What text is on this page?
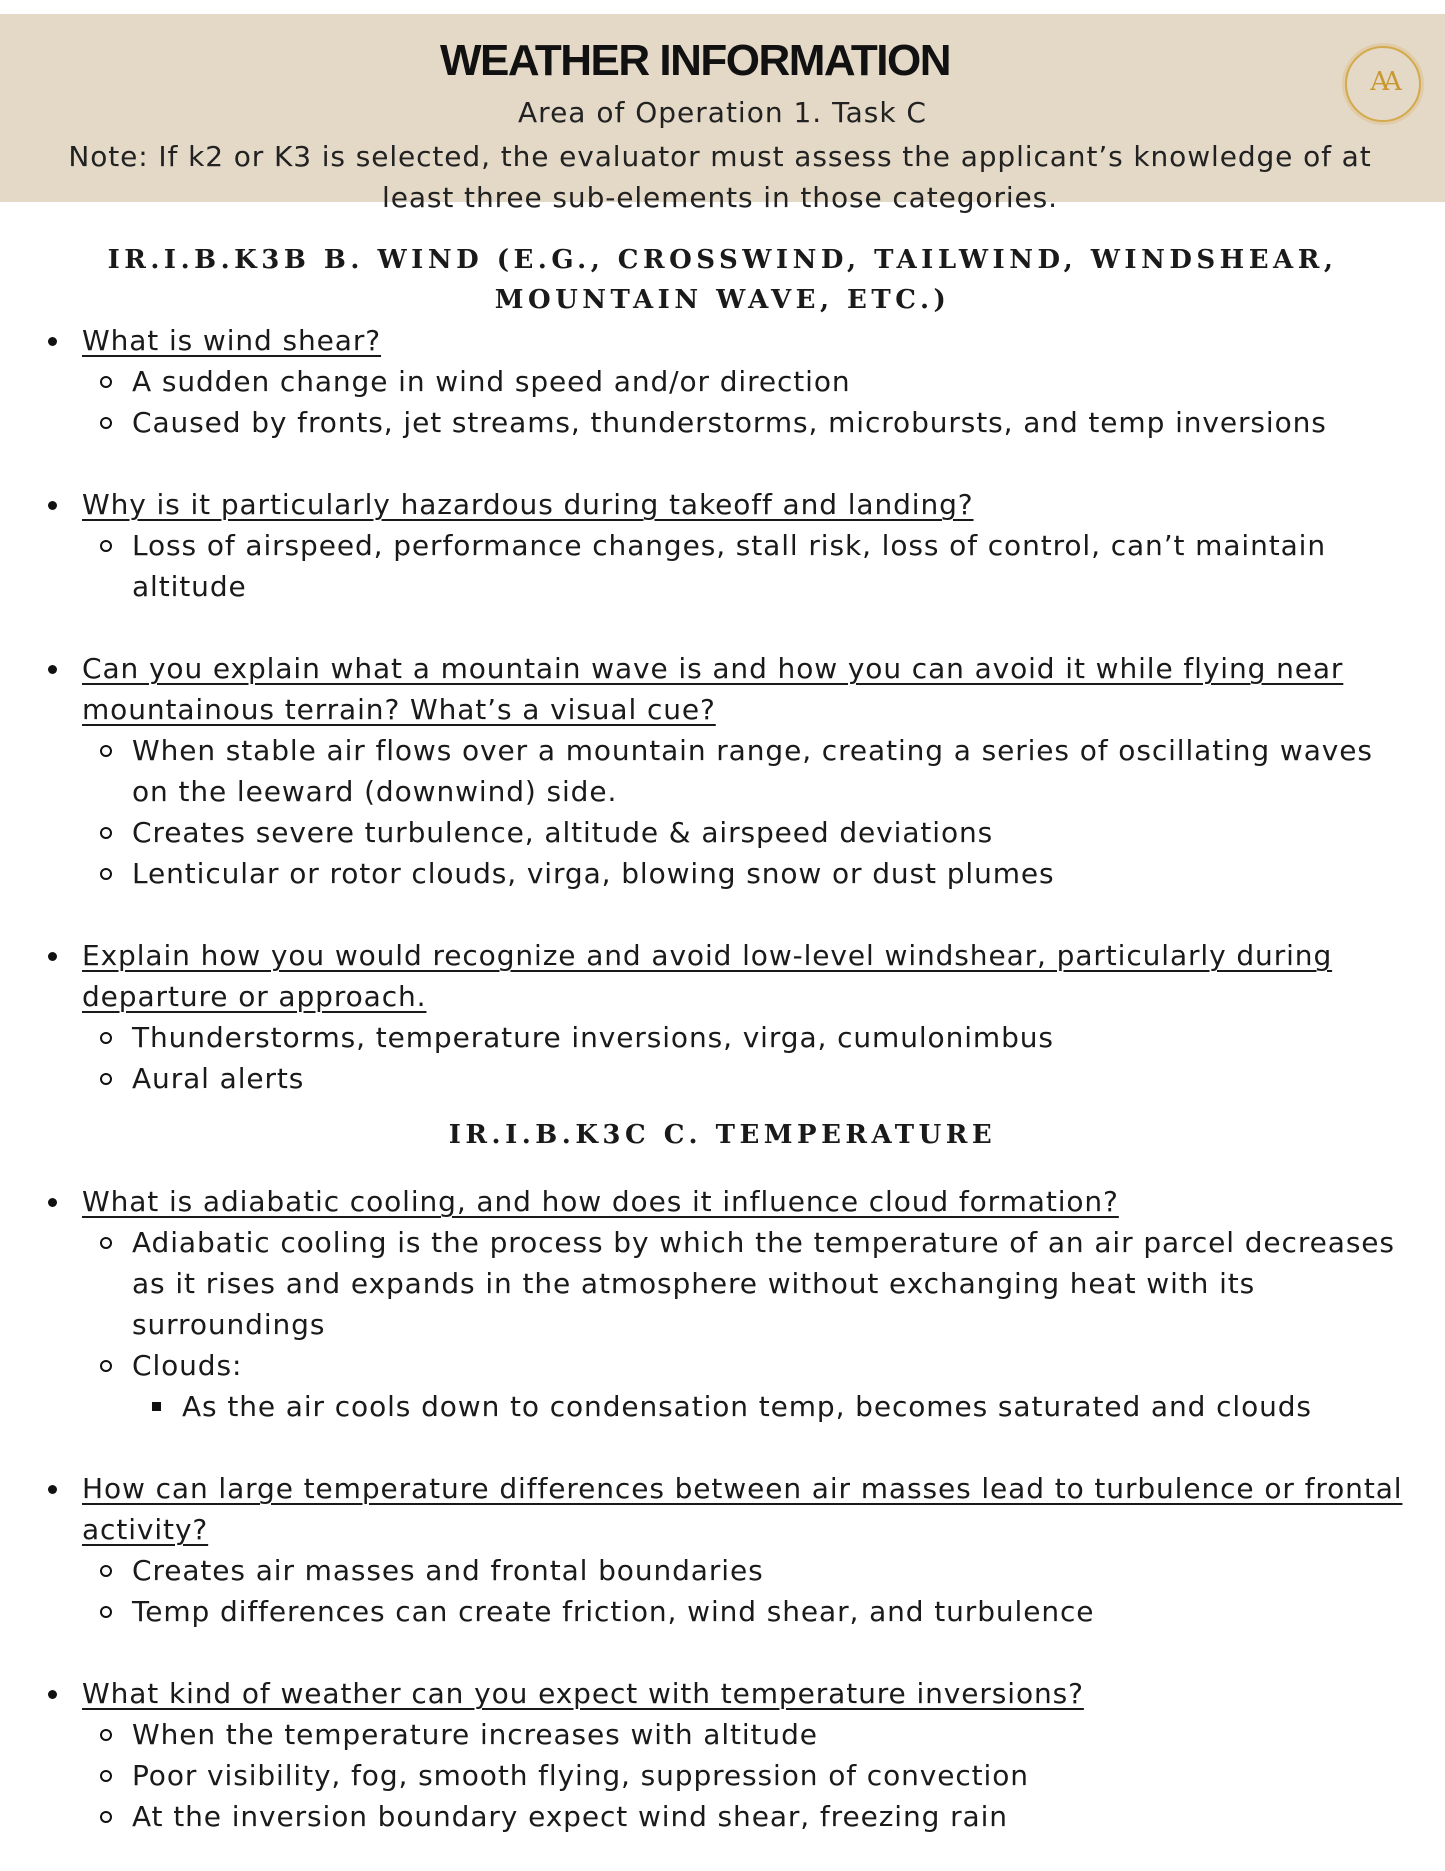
WEATHER INFORMATION

Area of Operation 1. Task C

Note: If k2 or K3 is selected, the evaluator must assess the applicant’s knowledge of at least three sub-elements in those categories.

AA
IR.I.B.K3B B. WIND (E.G., CROSSWIND, TAILWIND, WINDSHEAR, MOUNTAIN WAVE, ETC.)
What is wind shear?
A sudden change in wind speed and/or direction
Caused by fronts, jet streams, thunderstorms, microbursts, and temp inversions
Why is it particularly hazardous during takeoff and landing?
Loss of airspeed, performance changes, stall risk, loss of control, can’t maintain altitude
Can you explain what a mountain wave is and how you can avoid it while flying near mountainous terrain? What’s a visual cue?
When stable air flows over a mountain range, creating a series of oscillating waves on the leeward (downwind) side.
Creates severe turbulence, altitude & airspeed deviations
Lenticular or rotor clouds, virga, blowing snow or dust plumes
Explain how you would recognize and avoid low-level windshear, particularly during departure or approach.
Thunderstorms, temperature inversions, virga, cumulonimbus
Aural alerts
IR.I.B.K3C C. TEMPERATURE
What is adiabatic cooling, and how does it influence cloud formation?
Adiabatic cooling is the process by which the temperature of an air parcel decreases as it rises and expands in the atmosphere without exchanging heat with its surroundings
Clouds:
As the air cools down to condensation temp, becomes saturated and clouds
How can large temperature differences between air masses lead to turbulence or frontal activity?
Creates air masses and frontal boundaries
Temp differences can create friction, wind shear, and turbulence
What kind of weather can you expect with temperature inversions?
When the temperature increases with altitude
Poor visibility, fog, smooth flying, suppression of convection
At the inversion boundary expect wind shear, freezing rain
